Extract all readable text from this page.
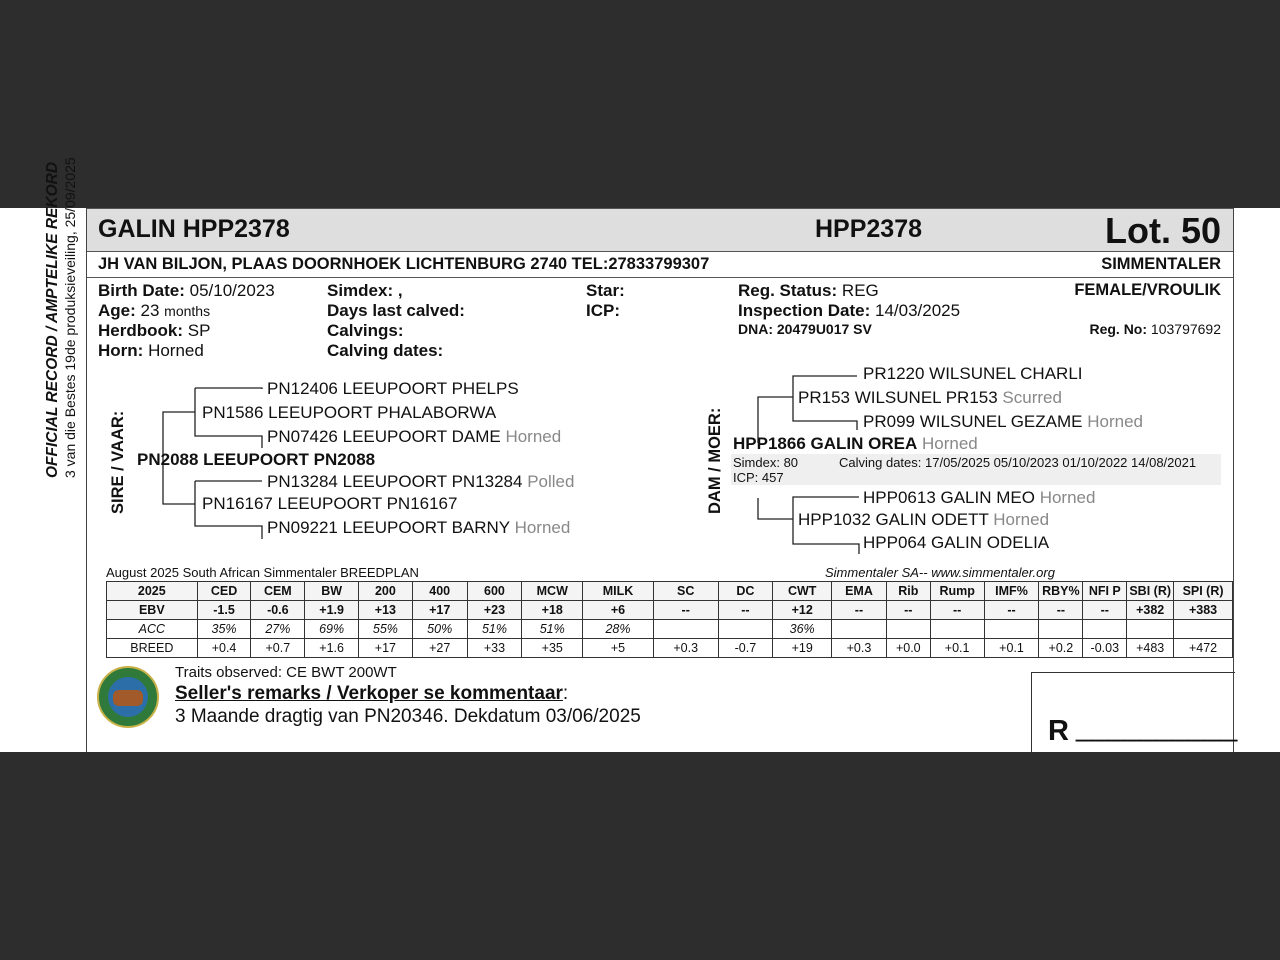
OFFICIAL RECORD / AMPTELIKE REKORD 3 van die Bestes 19de produksieveiling, 25/09/2025 GALIN HPP2378	HPP2378	Lot. 50
JH VAN BILJON, PLAAS DOORNHOEK LICHTENBURG 2740 TEL:27833799307	SIMMENTALER
Birth Date: 05/10/2023
Age: 23 months
Herdbook: SP
Horn: Horned
Simdex: ,
Days last calved:
Calvings:
Calving dates:
Star:
ICP:
Reg. Status: REG
Inspection Date: 14/03/2025
DNA: 20479U017 SV
FEMALE/VROULIK
Reg. No: 103797692
SIRE / VAAR:
PN12406 LEEUPOORT PHELPS
PN1586 LEEUPOORT PHALABORWA
PN07426 LEEUPOORT DAME Horned
PN2088 LEEUPOORT PN2088
PN13284 LEEUPOORT PN13284 Polled
PN16167 LEEUPOORT PN16167
PN09221 LEEUPOORT BARNY Horned
DAM / MOER:
PR1220 WILSUNEL CHARLI
PR153 WILSUNEL PR153 Scurred
PR099 WILSUNEL GEZAME Horned
HPP1866 GALIN OREA Horned
Simdex: 80	Calving dates: 17/05/2025 05/10/2023 01/10/2022 14/08/2021
ICP: 457
HPP0613 GALIN MEO Horned
HPP1032 GALIN ODETT Horned
HPP064 GALIN ODELIA
August 2025 South African Simmentaler BREEDPLAN	Simmentaler SA-- www.simmentaler.org
2025	CED	CEM	BW	200	400	600	MCW	MILK	SC	DC	CWT	EMA	Rib	Rump	IMF%	RBY%	NFI P	SBI (R)	SPI (R)
EBV	-1.5	-0.6	+1.9	+13	+17	+23	+18	+6	--	--	+12	--	--	--	--	--	--	+382	+383
ACC	35%	27%	69%	55%	50%	51%	51%	28%			36%								
BREED	+0.4	+0.7	+1.6	+17	+27	+33	+35	+5	+0.3	-0.7	+19	+0.3	+0.0	+0.1	+0.1	+0.2	-0.03	+483	+472
Traits observed: CE BWT 200WT
Seller's remarks / Verkoper se kommentaar:
3 Maande dragtig van PN20346. Dekdatum 03/06/2025	R __________
